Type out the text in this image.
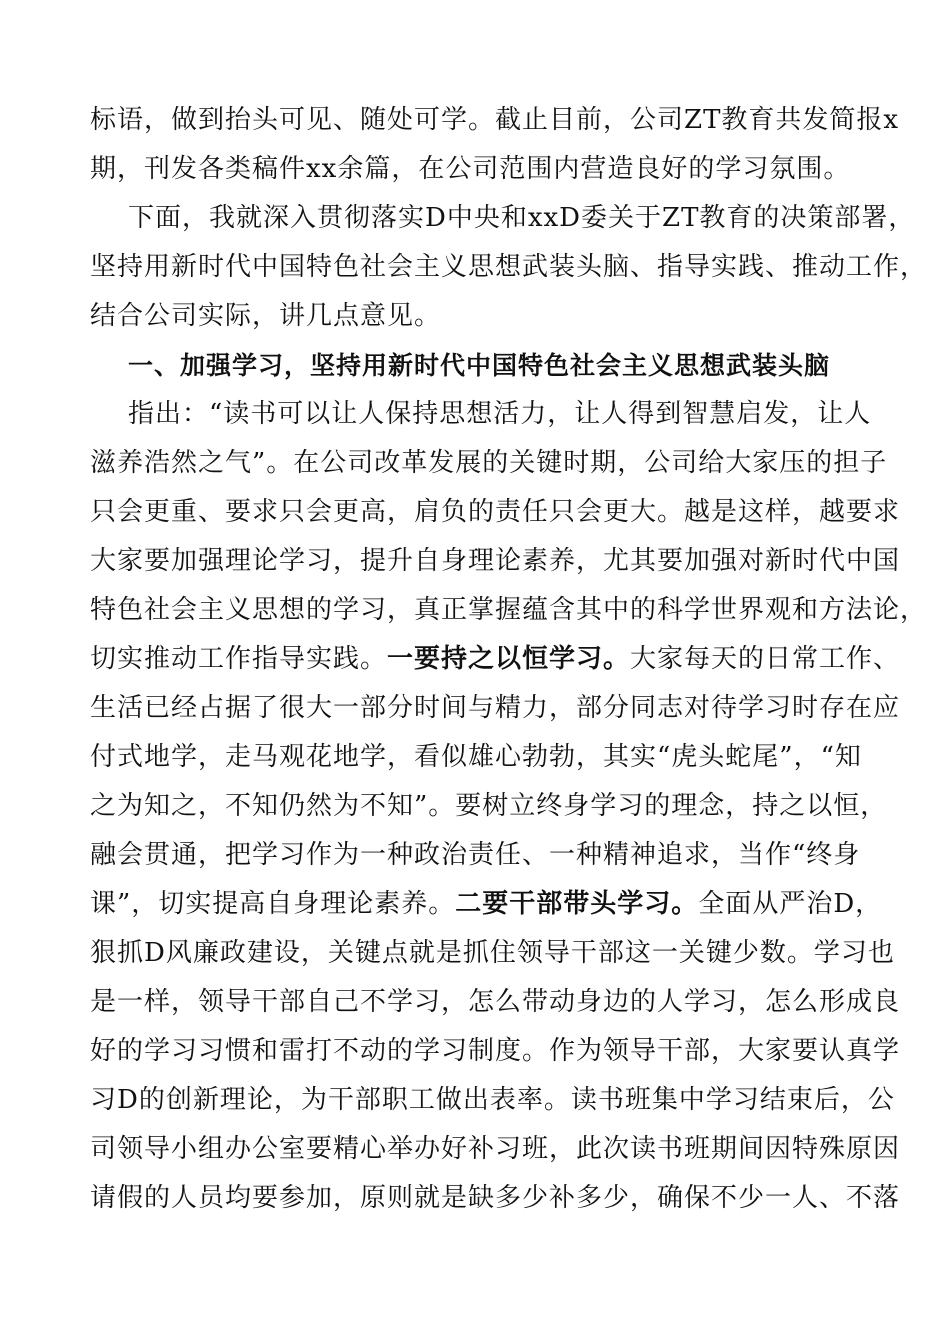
标语，做到抬头可见、随处可学。截止目前，公司ZT教育共发简报x
期，刊发各类稿件xx余篇，在公司范围内营造良好的学习氛围。
下面，我就深入贯彻落实D中央和xxD委关于ZT教育的决策部署，
坚持用新时代中国特色社会主义思想武装头脑、指导实践、推动工作，
结合公司实际，讲几点意见。
一、加强学习，坚持用新时代中国特色社会主义思想武装头脑
指出：“读书可以让人保持思想活力，让人得到智慧启发，让人
滋养浩然之气”。在公司改革发展的关键时期，公司给大家压的担子
只会更重、要求只会更高，肩负的责任只会更大。越是这样，越要求
大家要加强理论学习，提升自身理论素养，尤其要加强对新时代中国
特色社会主义思想的学习，真正掌握蕴含其中的科学世界观和方法论，
切实推动工作指导实践。一要持之以恒学习。大家每天的日常工作、
生活已经占据了很大一部分时间与精力，部分同志对待学习时存在应
付式地学，走马观花地学，看似雄心勃勃，其实“虎头蛇尾”，“知
之为知之，不知仍然为不知”。要树立终身学习的理念，持之以恒，
融会贯通，把学习作为一种政治责任、一种精神追求，当作“终身
课”，切实提高自身理论素养。二要干部带头学习。全面从严治D，
狠抓D风廉政建设，关键点就是抓住领导干部这一关键少数。学习也
是一样，领导干部自己不学习，怎么带动身边的人学习，怎么形成良
好的学习习惯和雷打不动的学习制度。作为领导干部，大家要认真学
习D的创新理论，为干部职工做出表率。读书班集中学习结束后，公
司领导小组办公室要精心举办好补习班，此次读书班期间因特殊原因
请假的人员均要参加，原则就是缺多少补多少，确保不少一人、不落
